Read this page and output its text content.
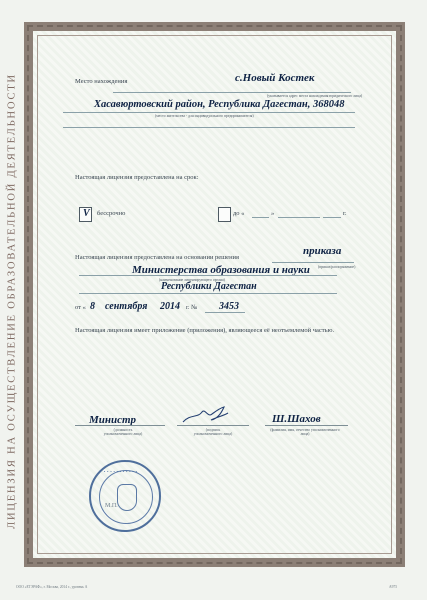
ЛИЦЕНЗИЯ НА ОСУЩЕСТВЛЕНИЕ ОБРАЗОВАТЕЛЬНОЙ ДЕЯТЕЛЬНОСТИ	Место нахождения	с.Новый Костек
(указывается адрес места нахождения юридического лица)
Хасавюртовский район, Республика Дагестан, 368048
(место жительства - для индивидуального предпринимателя)
Настоящая лицензия предоставлена на срок:
V бессрочно	до «	»	г.
Настоящая лицензия предоставлена на основании решения
приказа
(приказ/распоряжение)
Министерства образования и науки
(наименование лицензирующего органа)
Республики Дагестан
от « 8 сентября 2014 г. № 3453
Настоящая лицензия имеет приложение (приложения), являющееся её неотъемлемой частью.
Министр
(должность уполномоченного лица)
(подпись уполномоченного лица)
Ш.Шахов
(фамилия, имя, отчество уполномоченного лица)
• • • • • • • • • • •
М.П.
ООО «ЕТЭРАФ», г. Москва, 2014 г., уровень А	А975
